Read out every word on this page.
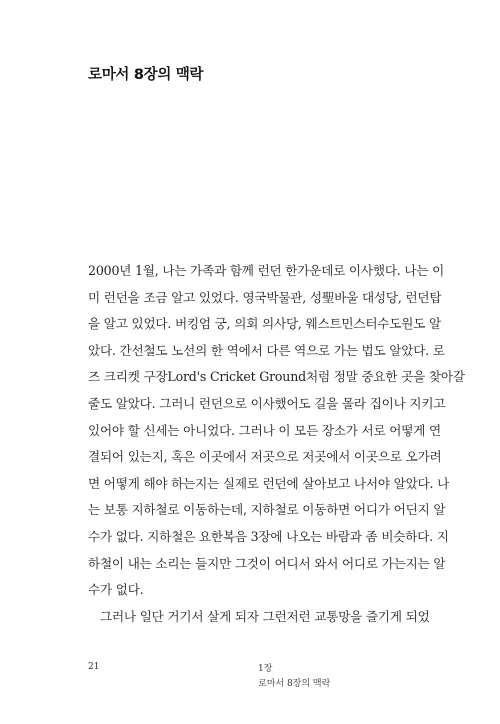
로마서 8장의 맥락
2000년 1월, 나는 가족과 함께 런던 한가운데로 이사했다. 나는 이
미 런던을 조금 알고 있었다. 영국박물관, 성聖바울 대성당, 런던탑
을 알고 있었다. 버킹엄 궁, 의회 의사당, 웨스트민스터수도원도 알
았다. 간선철도 노선의 한 역에서 다른 역으로 가는 법도 알았다. 로
즈 크리켓 구장Lord's Cricket Ground처럼 정말 중요한 곳을 찾아갈
줄도 알았다. 그러니 런던으로 이사했어도 길을 몰라 집이나 지키고
있어야 할 신세는 아니었다. 그러나 이 모든 장소가 서로 어떻게 연
결되어 있는지, 혹은 이곳에서 저곳으로 저곳에서 이곳으로 오가려
면 어떻게 해야 하는지는 실제로 런던에 살아보고 나서야 알았다. 나
는 보통 지하철로 이동하는데, 지하철로 이동하면 어디가 어딘지 알
수가 없다. 지하철은 요한복음 3장에 나오는 바람과 좀 비슷하다. 지
하철이 내는 소리는 들지만 그것이 어디서 와서 어디로 가는지는 알
수가 없다.
그러나 일단 거기서 살게 되자 그런저런 교통망을 즐기게 되었
21	1장
로마서 8장의 맥락
